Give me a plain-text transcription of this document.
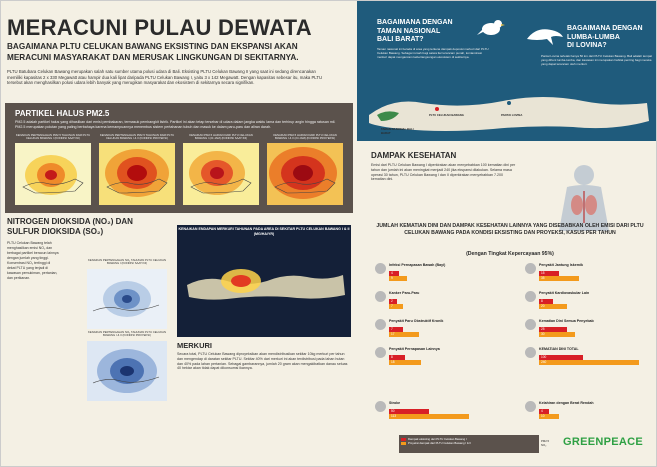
MERACUNI PULAU DEWATA
BAGAIMANA PLTU CELUKAN BAWANG EKSISTING DAN EKSPANSI AKAN MERACUNI MASYARAKAT DAN MERUSAK LINGKUNGAN DI SEKITARNYA.
PLTU Batubara Celukan Bawang merupakan salah satu sumber utama polusi udara di Bali. Eksisting PLTU Celukan Bawang II yang saat ini sedang direncanakan memiliki kapasitas 2 x 330 Megawatt atau hampir dua kali lipat daripada PLTU Celukan Bawang I, yaitu 3 x 142 Megawatt. Dengan kapasitas sebesar itu, maka PLTU tersebut akan menghasilkan polusi udara lebih banyak yang merugikan masyarakat dan ekosistem di sekitarnya secara signifikan.
PARTIKEL HALUS PM2.5
PM2.5 adalah partikel halus yang dihasilkan dari emisi pembakaran, termasuk pembangkit listrik. Partikel ini akan tetap tersebar di udara dalam jangka waktu lama dan terhirup angin hingga ratusan mil. PM2.5 merupakan polutan yang paling berbahaya karena kemampuannya menembus sistem pertahanan tubuh dan masuk ke dalam paru-paru dan aliran darah.
KENAIKAN PERTENGAHAN PM2.5 TAHUNAN DARI PLTU CELUKAN BAWANG I (KONDISI SAAT INI)
KENAIKAN PERTENGAHAN PM2.5 TAHUNAN DARI PLTU CELUKAN BAWANG I & II (KONDISI PROYEKSI)
KENAIKAN PM2.5 HARIAN DARI PLTU CELUKAN BAWANG I (24 JAM) (KONDISI SAAT INI)
KENAIKAN PM2.5 HARIAN DARI PLTU CELUKAN BAWANG I & II (24 JAM) (KONDISI PROYEKSI)
NITROGEN DIOKSIDA (NO₂) DAN
SULFUR DIOKSIDA (SO₂)
PLTU Celukan Bawang telah menghasilkan emisi NO₂ dan berbagai partikel beracun lainnya dengan jumlah yang tinggi. Konsentrasi NO₂ tertinggi di dekat PLTU yang terjadi di kawasan pemukiman, pertanian, dan perikanan.
KENAIKAN PERTENGAHAN NO₂ TAHUNAN PLTU CELUKAN BAWANG I (KONDISI SAAT INI)
KENAIKAN PERTENGAHAN NO₂ TAHUNAN PLTU CELUKAN BAWANG I & II (KONDISI PROYEKSI)
KENAIKAN ENDAPAN MERKURI TAHUNAN PADA AREA DI SEKITAR PLTU CELUKAN BAWANG I & II (MG/HA/YR)
MERKURI
Secara total, PLTU Celukan Bawang diproyeksikan akan mendistribusikan sekitar 10kg merkuri per tahun dan mengendap di daratan sekitar PLTU. Sekitar 40% dari merkuri ini akan terdistribusi pada lahan hutan dan 40% pada lahan pertanian. Sebagai gambarannya, jumlah 20 gram akan mengakibatkan danau seluas 40 hektar akan tidak dapat dikonsumsi ikannya.
BAGAIMANA DENGAN
TAMAN NASIONAL
BALI BARAT?
Taman nasional ini berada di area yang terkena dampak deposisi merkuri dari PLTU Celukan Bawang. Sebagai rumah bagi satwa liar terancam punah, kontaminasi merkuri dapat mengancam keberlangsungan ekosistem di sekitarnya.
BAGAIMANA DENGAN
LUMBA-LUMBA
DI LOVINA?
Pantai Lovina terletak hanya 50 km dari PLTU Celukan Bawang. Bali adalah tempat yang dihuni lumba-lumba, dan kawasan ini merupakan habitat penting bagi mereka yang dapat terancam oleh merkuri.
TAMAN NASIONAL BALI BARAT
PLTU CELUKAN BAWANG	PANTAI LOVINA
DAMPAK KESEHATAN
Emisi dari PLTU Celukan Bawang I diperkirakan akan menyebabkan 100 kematian dini per tahun dan jumlah ini akan meningkat menjadi 240 jika ekspansi dilakukan. Selama masa operasi 30 tahun, PLTU Celukan Bawang I dan II diperkirakan menyebabkan 7.200 kematian dini.
JUMLAH KEMATIAN DINI DAN DAMPAK KESEHATAN LAINNYA YANG DISEBABKAN OLEH EMISI DARI PLTU CELUKAN BAWANG PADA KONDISI EKSISTING DAN PROYEKSI, KASUS PER TAHUN
(Dengan Tingkat Kepercayaan 95%)
Infeksi Pernapasan Bawah (Bayi)
4
9
Kanker Paru-Paru
2
7
Penyakit Paru Obstruktif Kronik
7
17
Penyakit Pernapasan Lainnya
8
18
Stroke
50
113
Penyakit Jantung Iskemik
15
35
Penyakit Kardiovaskular Lain
8
20
Kematian Dini Semua Penyebab
25
30
KEMATIAN DINI TOTAL
100
240
Kelahiran dengan Berat Rendah
4
10
Dampak eksisting dari PLTU Celukan Bawang I
Proyeksi dampak dari PLTU Celukan Bawang I & II	PM2.5
NO₂ GREENPEACE
